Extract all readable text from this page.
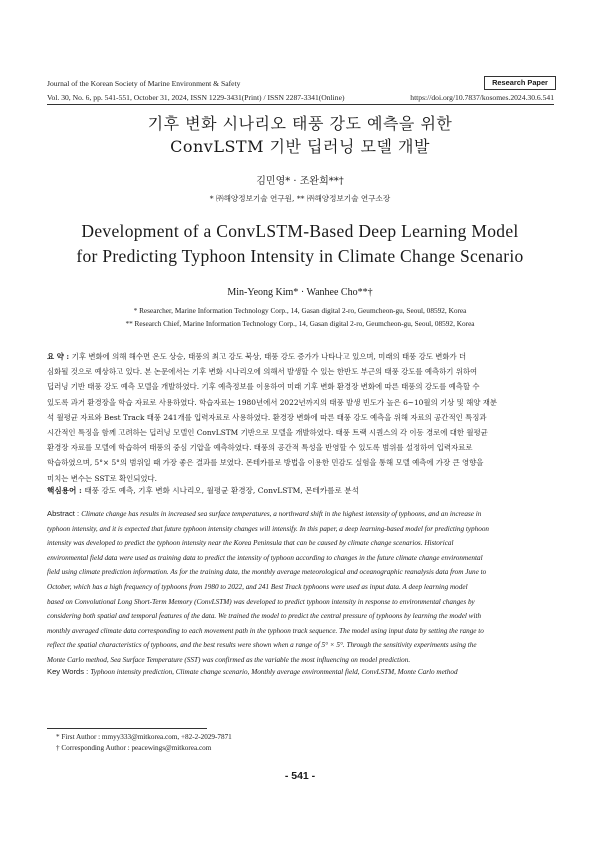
Journal of the Korean Society of Marine Environment & Safety	Research Paper
Vol. 30, No. 6, pp. 541-551, October 31, 2024, ISSN 1229-3431(Print) / ISSN 2287-3341(Online)	https://doi.org/10.7837/kosomes.2024.30.6.541
기후 변화 시나리오 태풍 강도 예측을 위한
ConvLSTM 기반 딥러닝 모델 개발
김민영* · 조완희**†
* ㈜해양정보기술 연구원, ** ㈜해양정보기술 연구소장
Development of a ConvLSTM-Based Deep Learning Model
for Predicting Typhoon Intensity in Climate Change Scenario
Min-Yeong Kim* · Wanhee Cho**†
* Researcher, Marine Information Technology Corp., 14, Gasan digital 2-ro, Geumcheon-gu, Seoul, 08592, Korea
** Research Chief, Marine Information Technology Corp., 14, Gasan digital 2-ro, Geumcheon-gu, Seoul, 08592, Korea
요 약 : 기후 변화에 의해 해수면 온도 상승, 태풍의 최고 강도 북상, 태풍 강도 증가가 나타나고 있으며, 미래의 태풍 강도 변화가 더
심화될 것으로 예상하고 있다. 본 논문에서는 기후 변화 시나리오에 의해서 발생할 수 있는 한반도 부근의 태풍 강도를 예측하기 위하여
딥러닝 기반 태풍 강도 예측 모델을 개발하였다. 기후 예측정보를 이용하여 미래 기후 변화 환경장 변화에 따른 태풍의 강도를 예측할 수
있도록 과거 환경장을 학습 자료로 사용하였다. 학습자료는 1980년에서 2022년까지의 태풍 발생 빈도가 높은 6~10월의 기상 및 해양 재분
석 월평균 자료와 Best Track 태풍 241개를 입력자료로 사용하였다. 환경장 변화에 따른 태풍 강도 예측을 위해 자료의 공간적인 특징과
시간적인 특징을 함께 고려하는 딥러닝 모델인 ConvLSTM 기반으로 모델을 개발하였다. 태풍 트랙 시퀀스의 각 이동 경로에 대한 월평균
환경장 자료를 모델에 학습하여 태풍의 중심 기압을 예측하였다. 태풍의 공간적 특성을 반영할 수 있도록 범위를 설정하여 입력자료로
학습하였으며, 5°× 5°의 범위일 때 가장 좋은 결과를 보였다. 몬테카를로 방법을 이용한 민감도 실험을 통해 모델 예측에 가장 큰 영향을
미치는 변수는 SST로 확인되었다.
핵심용어 : 태풍 강도 예측, 기후 변화 시나리오, 월평균 환경장, ConvLSTM, 몬테카를로 분석
Abstract : Climate change has results in increased sea surface temperatures, a northward shift in the highest intensity of typhoons, and an increase in
typhoon intensity, and it is expected that future typhoon intensity changes will intensify. In this paper, a deep learning-based model for predicting typhoon
intensity was developed to predict the typhoon intensity near the Korea Peninsula that can be caused by climate change scenarios. Historical
environmental field data were used as training data to predict the intensity of typhoon according to changes in the future climate change environmental
field using climate prediction information. As for the training data, the monthly average meteorological and oceanographic reanalysis data from June to
October, which has a high frequency of typhoons from 1980 to 2022, and 241 Best Track typhoons were used as input data. A deep learning model
based on Convolutional Long Short-Term Memory (ConvLSTM) was developed to predict typhoon intensity in response to environmental changes by
considering both spatial and temporal features of the data. We trained the model to predict the central pressure of typhoons by learning the model with
monthly averaged climate data corresponding to each movement path in the typhoon track sequence. The model using input data by setting the range to
reflect the spatial characteristics of typhoons, and the best results were shown when a range of 5° × 5°. Through the sensitivity experiments using the
Monte Carlo method, Sea Surface Temperature (SST) was confirmed as the variable the most influencing on model prediction.
Key Words : Typhoon intensity prediction, Climate change scenario, Monthly average environmental field, ConvLSTM, Monte Carlo method
* First Author : mmyy333@mitkorea.com, +82-2-2029-7871
† Corresponding Author : peacewings@mitkorea.com
- 541 -
